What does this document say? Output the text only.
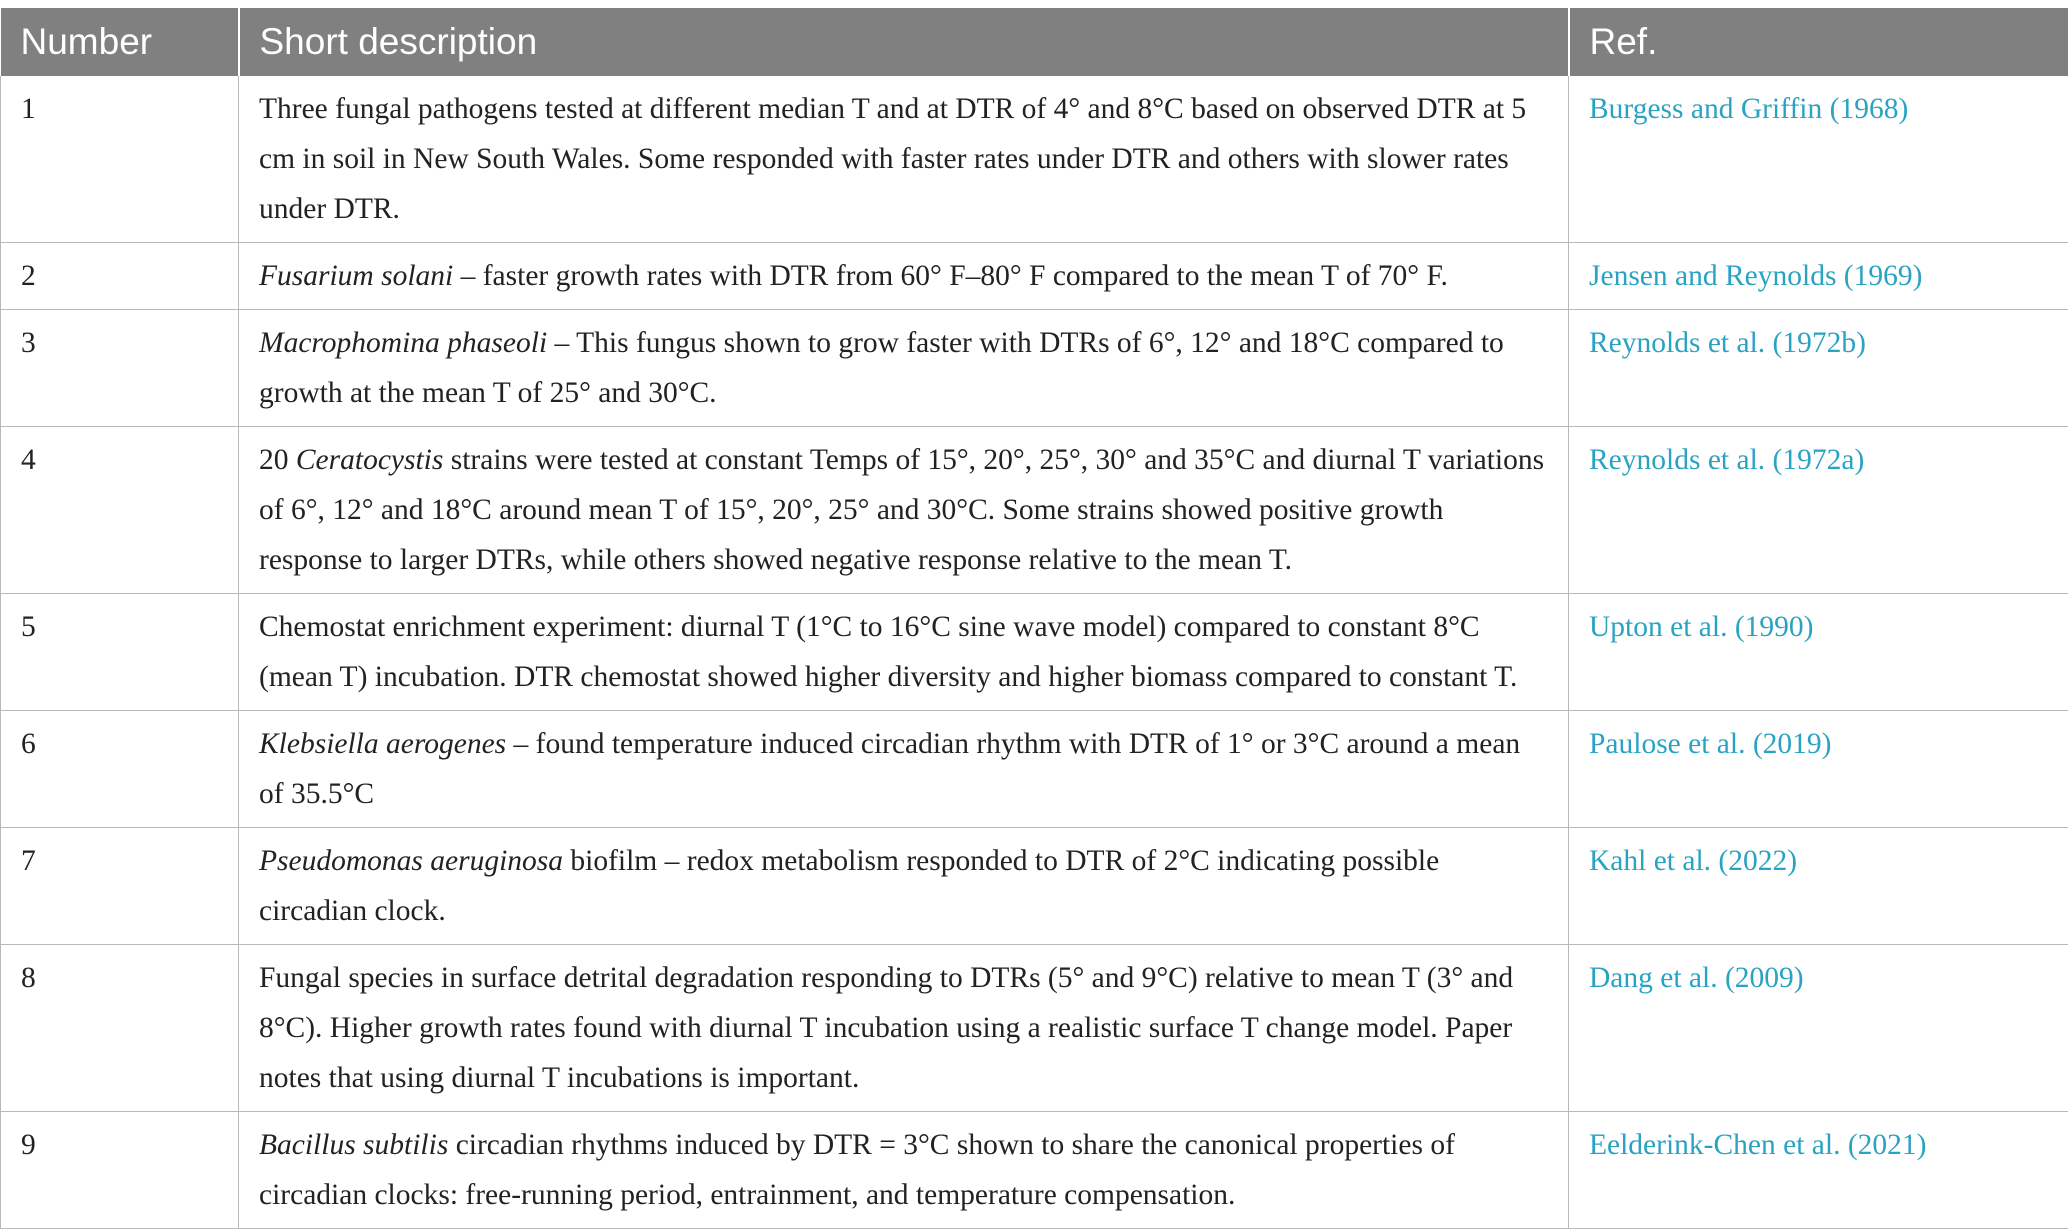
Number	Short description	Ref.
1	Three fungal pathogens tested at different median T and at DTR of 4° and 8°C based on observed DTR at 5 cm in soil in New South Wales. Some responded with faster rates under DTR and others with slower rates under DTR.	Burgess and Griffin (1968)
2	Fusarium solani – faster growth rates with DTR from 60° F–80° F compared to the mean T of 70° F.	Jensen and Reynolds (1969)
3	Macrophomina phaseoli – This fungus shown to grow faster with DTRs of 6°, 12° and 18°C compared to growth at the mean T of 25° and 30°C.	Reynolds et al. (1972b)
4	20 Ceratocystis strains were tested at constant Temps of 15°, 20°, 25°, 30° and 35°C and diurnal T variations of 6°, 12° and 18°C around mean T of 15°, 20°, 25° and 30°C. Some strains showed positive growth response to larger DTRs, while others showed negative response relative to the mean T.	Reynolds et al. (1972a)
5	Chemostat enrichment experiment: diurnal T (1°C to 16°C sine wave model) compared to constant 8°C (mean T) incubation. DTR chemostat showed higher diversity and higher biomass compared to constant T.	Upton et al. (1990)
6	Klebsiella aerogenes – found temperature induced circadian rhythm with DTR of 1° or 3°C around a mean of 35.5°C	Paulose et al. (2019)
7	Pseudomonas aeruginosa biofilm – redox metabolism responded to DTR of 2°C indicating possible circadian clock.	Kahl et al. (2022)
8	Fungal species in surface detrital degradation responding to DTRs (5° and 9°C) relative to mean T (3° and 8°C). Higher growth rates found with diurnal T incubation using a realistic surface T change model. Paper notes that using diurnal T incubations is important.	Dang et al. (2009)
9	Bacillus subtilis circadian rhythms induced by DTR = 3°C shown to share the canonical properties of circadian clocks: free-running period, entrainment, and temperature compensation.	Eelderink-Chen et al. (2021)
